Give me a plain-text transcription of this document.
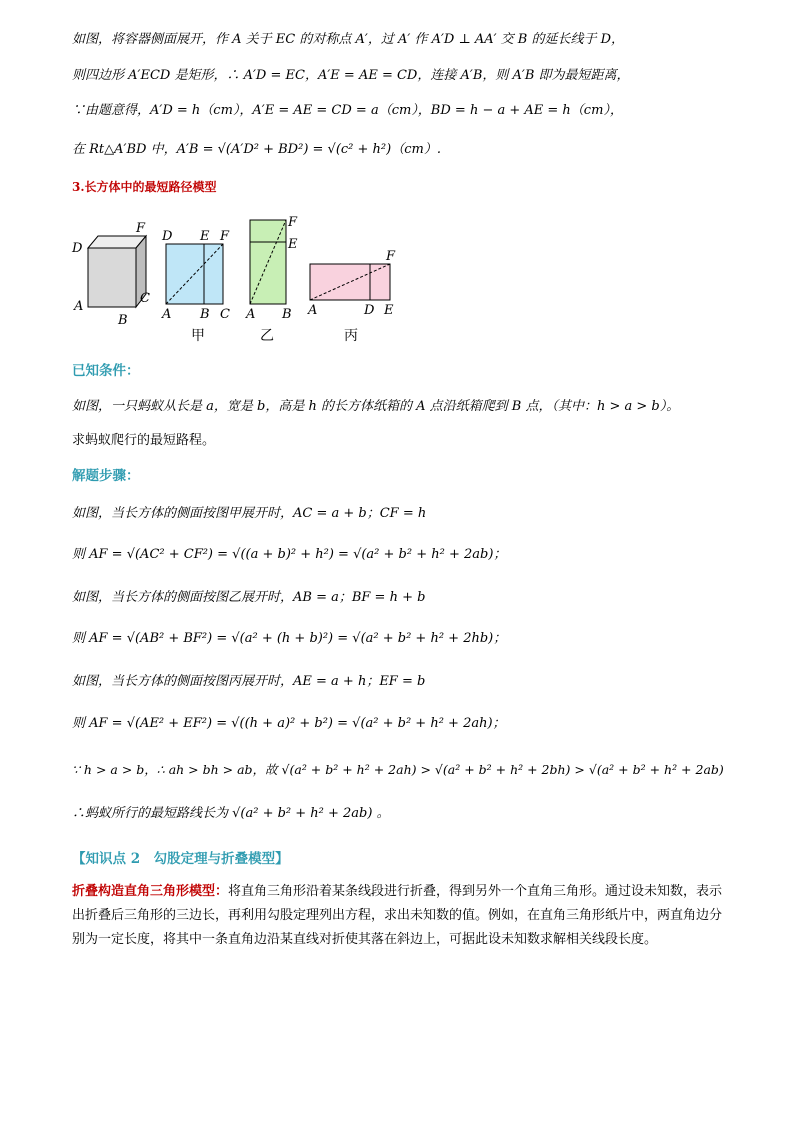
如图，将容器侧面展开，作 A 关于 EC 的对称点 A′，过 A′ 作 A′D ⊥ AA′ 交 B 的延长线于 D，
则四边形 A′ECD 是矩形，∴ A′D = EC，A′E = AE = CD，连接 A′B，则 A′B 即为最短距离，
∵由题意得，A′D = h（cm），A′E = AE = CD = a（cm），BD = h − a + AE = h（cm），
在 Rt△A′BD 中，A′B = √(A′D² + BD²) = √(c² + h²)（cm）.
3.长方体中的最短路径模型
D
F
A
B
C
D E F
A B C
甲
F
E
A B
乙
F
A	D E
丙
已知条件：
如图，一只蚂蚁从长是 a，宽是 b，高是 h 的长方体纸箱的 A 点沿纸箱爬到 B 点，（其中：h > a > b）。
求蚂蚁爬行的最短路程。
解题步骤：
如图，当长方体的侧面按图甲展开时，AC = a + b；CF = h
则 AF = √(AC² + CF²) = √((a + b)² + h²) = √(a² + b² + h² + 2ab)；
如图，当长方体的侧面按图乙展开时，AB = a；BF = h + b
则 AF = √(AB² + BF²) = √(a² + (h + b)²) = √(a² + b² + h² + 2hb)；
如图，当长方体的侧面按图丙展开时，AE = a + h；EF = b
则 AF = √(AE² + EF²) = √((h + a)² + b²) = √(a² + b² + h² + 2ah)；
∵ h > a > b，∴ ah > bh > ab，故 √(a² + b² + h² + 2ah) > √(a² + b² + h² + 2bh) > √(a² + b² + h² + 2ab)
∴蚂蚁所行的最短路线长为 √(a² + b² + h² + 2ab) 。
【知识点 2　勾股定理与折叠模型】
折叠构造直角三角形模型：将直角三角形沿着某条线段进行折叠，得到另外一个直角三角形。通过设未知数，表示出折叠后三角形的三边长，再利用勾股定理列出方程，求出未知数的值。例如，在直角三角形纸片中，两直角边分别为一定长度，将其中一条直角边沿某直线对折使其落在斜边上，可据此设未知数求解相关线段长度。
